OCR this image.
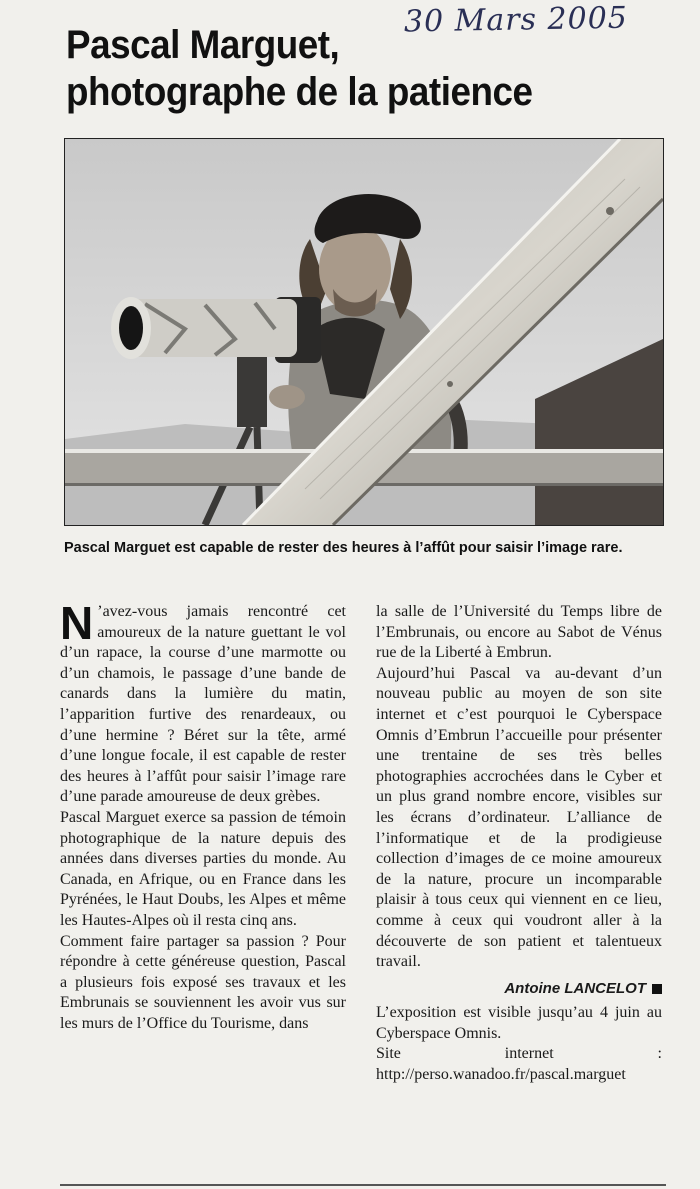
30 Mars 2005
Pascal Marguet,
photographe de la patience

Pascal Marguet est capable de rester des heures à l’affût pour saisir l’image rare.

N ’avez-vous jamais rencontré cet amoureux de la nature guettant le vol d’un rapace, la course d’une marmotte ou d’un chamois, le passage d’une bande de canards dans la lumière du matin, l’apparition furtive des renardeaux, ou d’une hermine ? Béret sur la tête, armé d’une longue focale, il est capable de rester des heures à l’affût pour saisir l’image rare d’une parade amoureuse de deux grèbes.

Pascal Marguet exerce sa passion de témoin photographique de la nature depuis des années dans diverses parties du monde. Au Canada, en Afrique, ou en France dans les Pyrénées, le Haut Doubs, les Alpes et même les Hautes-Alpes où il resta cinq ans.

Comment faire partager sa passion ? Pour répondre à cette généreuse question, Pascal a plusieurs fois exposé ses travaux et les Embrunais se souviennent les avoir vus sur les murs de l’Office du Tourisme, dans

la salle de l’Université du Temps libre de l’Embrunais, ou encore au Sabot de Vénus rue de la Liberté à Embrun.

Aujourd’hui Pascal va au-devant d’un nouveau public au moyen de son site internet et c’est pourquoi le Cyberspace Omnis d’Embrun l’accueille pour présenter une trentaine de ses très belles photographies accrochées dans le Cyber et un plus grand nombre encore, visibles sur les écrans d’ordinateur. L’alliance de l’informatique et de la prodigieuse collection d’images de ce moine amoureux de la nature, procure un incomparable plaisir à tous ceux qui viennent en ce lieu, comme à ceux qui voudront aller à la découverte de son patient et talentueux travail.

Antoine LANCELOT

L’exposition est visible jusqu’au 4 juin au Cyberspace Omnis.

Site internet : http://perso.wanadoo.fr/pascal.marguet
